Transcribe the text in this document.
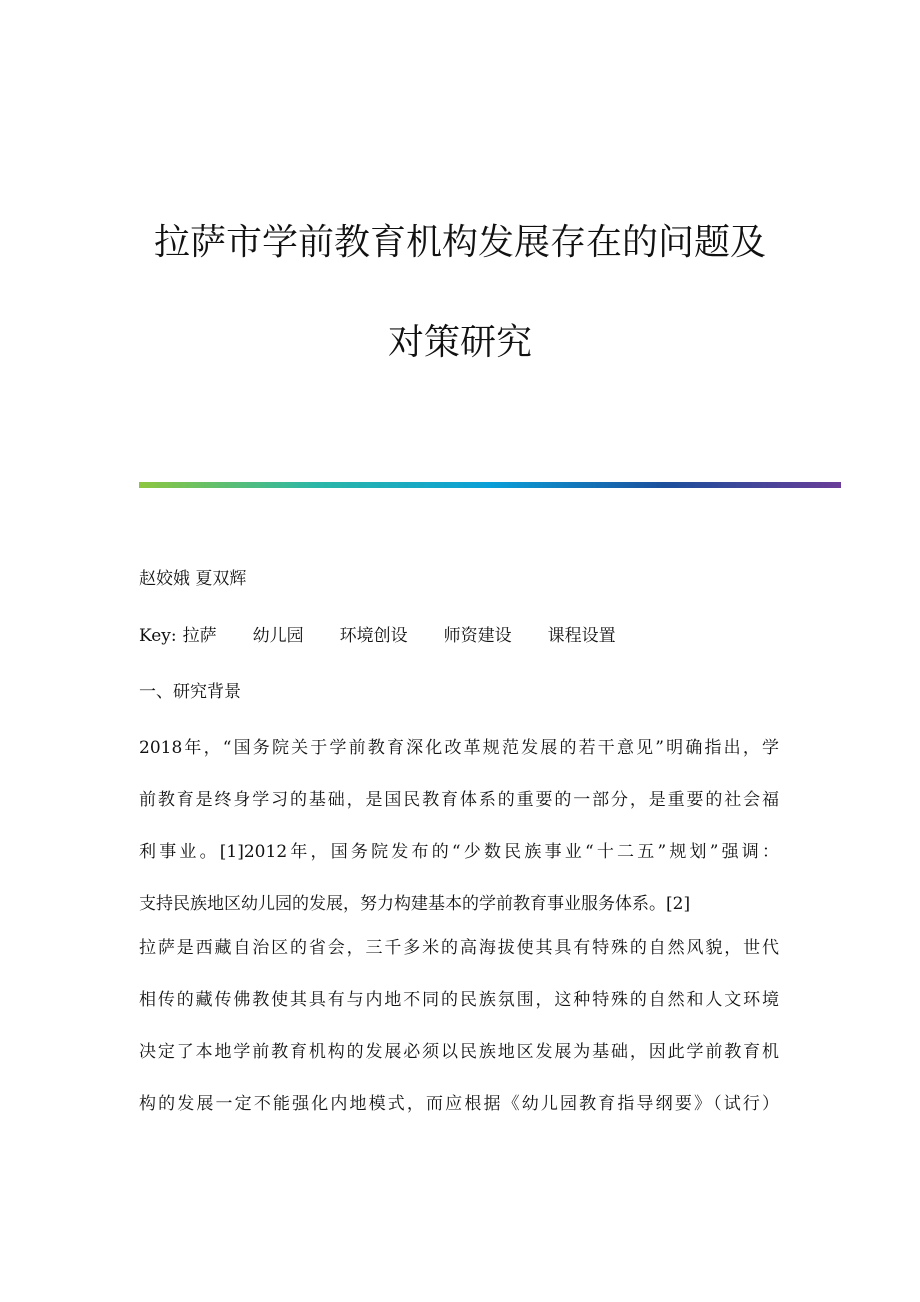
拉萨市学前教育机构发展存在的问题及
对策研究

赵姣娥 夏双辉

Key: 拉萨 幼儿园 环境创设 师资建设 课程设置

一、研究背景

2018年，“国务院关于学前教育深化改革规范发展的若干意见”明确指出，学
前教育是终身学习的基础，是国民教育体系的重要的一部分，是重要的社会福
利事业。[1]2012年，国务院发布的“少数民族事业“十二五”规划”强调：
支持民族地区幼儿园的发展，努力构建基本的学前教育事业服务体系。[2]
拉萨是西藏自治区的省会，三千多米的高海拔使其具有特殊的自然风貌，世代
相传的藏传佛教使其具有与内地不同的民族氛围，这种特殊的自然和人文环境
决定了本地学前教育机构的发展必须以民族地区发展为基础，因此学前教育机
构的发展一定不能强化内地模式，而应根据《幼儿园教育指导纲要》（试行）
